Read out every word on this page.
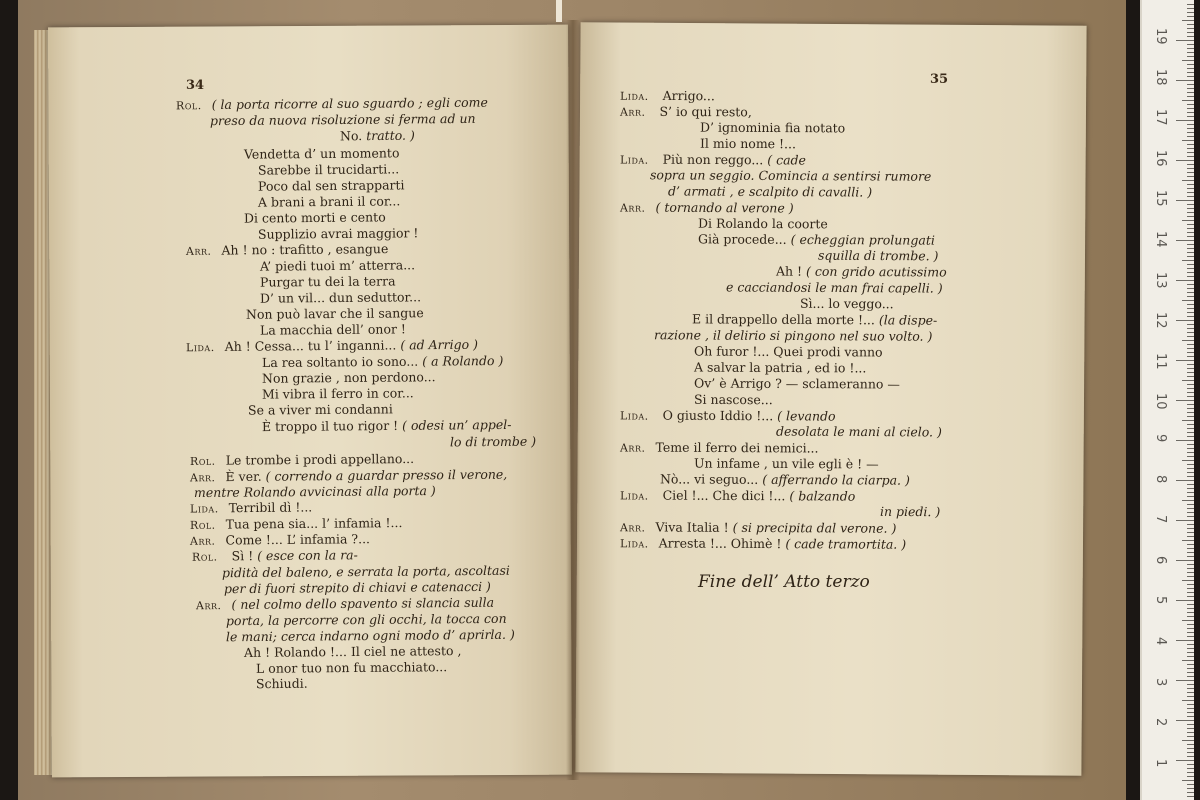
34	35
Rol. ( la porta ricorre al suo sguardo ; egli come
preso da nuova risoluzione si ferma ad un
No. tratto. )
Vendetta d’ un momento
Sarebbe il trucidarti...
Poco dal sen strapparti
A brani a brani il cor...
Di cento morti e cento
Supplizio avrai maggior !
Arr. Ah ! no : trafitto , esangue
A’ piedi tuoi m’ atterra...
Purgar tu dei la terra
D’ un vil... dun seduttor...
Non può lavar che il sangue
La macchia dell’ onor !
Lida. Ah ! Cessa... tu l’ inganni... ( ad Arrigo )
La rea soltanto io sono... ( a Rolando )
Non grazie , non perdono...
Mi vibra il ferro in cor...
Se a viver mi condanni
È troppo il tuo rigor ! ( odesi un’ appel-
lo di trombe )
Rol. Le trombe i prodi appellano...
Arr. È ver. ( correndo a guardar presso il verone,
mentre Rolando avvicinasi alla porta )
Lida. Terribil dì !...
Rol. Tua pena sia... l’ infamia !...
Arr. Come !... L’ infamia ?...
Rol. Sì ! ( esce con la ra-
pidità del baleno, e serrata la porta, ascoltasi
per di fuori strepito di chiavi e catenacci )
Arr. ( nel colmo dello spavento si slancia sulla
porta, la percorre con gli occhi, la tocca con
le mani; cerca indarno ogni modo d’ aprirla. )
Ah ! Rolando !... Il ciel ne attesto ,
L onor tuo non fu macchiato...
Schiudi.
Lida. Arrigo...
Arr. S’ io qui resto,
D’ ignominia fia notato
Il mio nome !...
Lida. Più non reggo... ( cade
sopra un seggio. Comincia a sentirsi rumore
d’ armati , e scalpito di cavalli. )
Arr. ( tornando al verone )
Di Rolando la coorte
Già procede... ( echeggian prolungati
squilla di trombe. )
Ah ! ( con grido acutissimo
e cacciandosi le man frai capelli. )
Sì... lo veggo...
E il drappello della morte !... (la dispe-
razione , il delirio si pingono nel suo volto. )
Oh furor !... Quei prodi vanno
A salvar la patria , ed io !...
Ov’ è Arrigo ? — sclameranno —
Si nascose...
Lida. O giusto Iddio !... ( levando
desolata le mani al cielo. )
Arr. Teme il ferro dei nemici...
Un infame , un vile egli è ! —
Nò... vi seguo... ( afferrando la ciarpa. )
Lida. Ciel !... Che dici !... ( balzando
in piedi. )
Arr. Viva Italia ! ( si precipita dal verone. )
Lida. Arresta !... Ohimè ! ( cade tramortita. )
Fine dell’ Atto terzo
19
18
17
16
15
14
13
12
11
10
9
8
7
6
5
4
3
2
1
